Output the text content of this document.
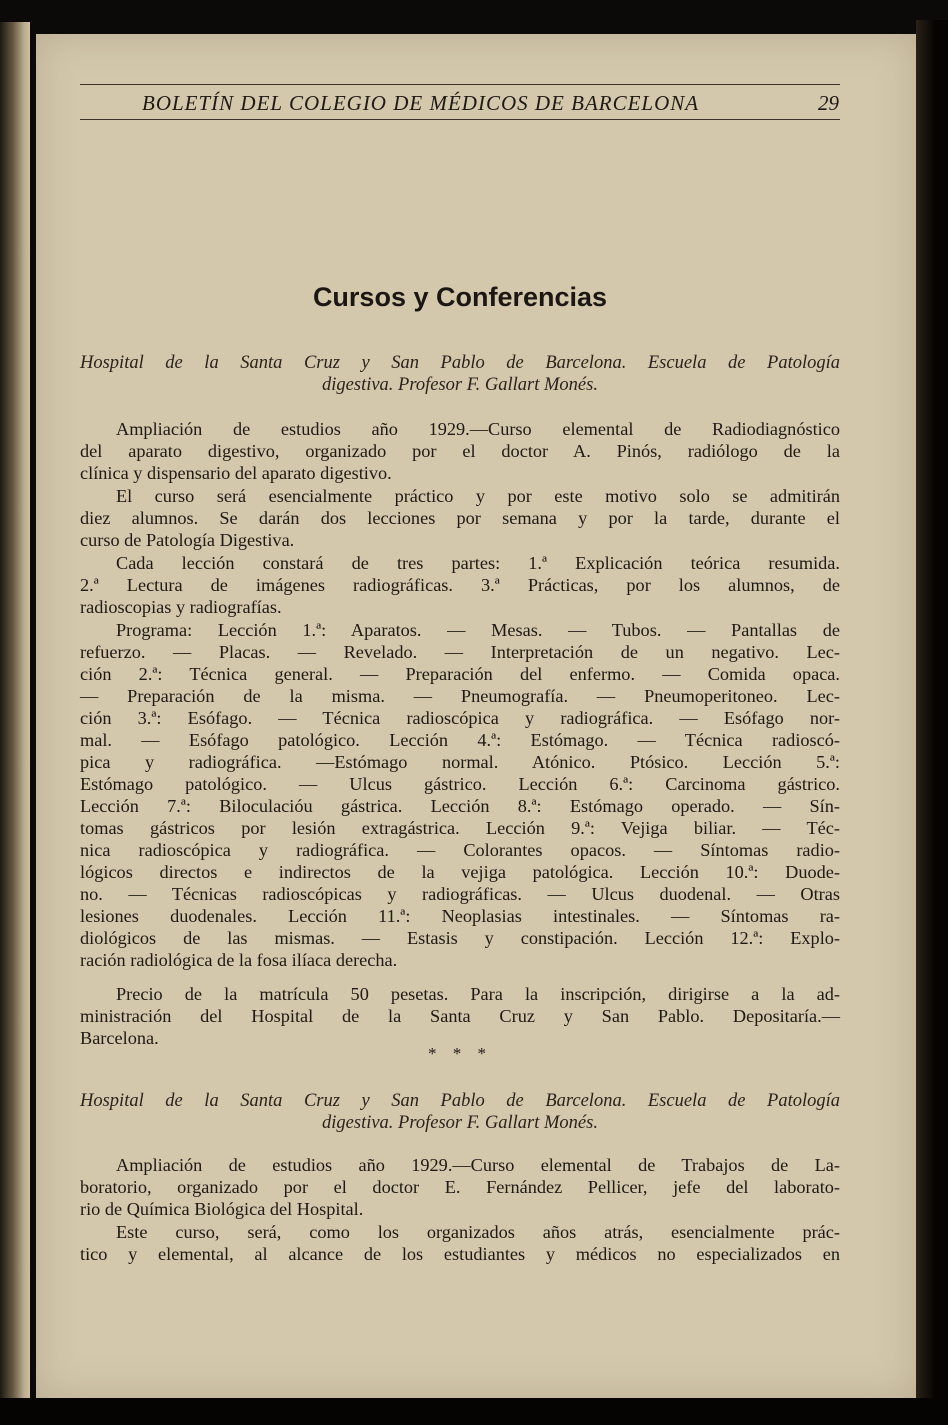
BOLETÍN DEL COLEGIO DE MÉDICOS DE BARCELONA	29
Cursos y Conferencias
Hospital de la Santa Cruz y San Pablo de Barcelona. Escuela de Patología
digestiva. Profesor F. Gallart Monés.
Ampliación de estudios año 1929.—Curso elemental de Radiodiagnóstico
del aparato digestivo, organizado por el doctor A. Pinós, radiólogo de la
clínica y dispensario del aparato digestivo.
El curso será esencialmente práctico y por este motivo solo se admitirán
diez alumnos. Se darán dos lecciones por semana y por la tarde, durante el
curso de Patología Digestiva.
Cada lección constará de tres partes: 1.ª Explicación teórica resumida.
2.ª Lectura de imágenes radiográficas. 3.ª Prácticas, por los alumnos, de
radioscopias y radiografías.
Programa: Lección 1.ª: Aparatos. — Mesas. — Tubos. — Pantallas de
refuerzo. — Placas. — Revelado. — Interpretación de un negativo. Lec-
ción 2.ª: Técnica general. — Preparación del enfermo. — Comida opaca.
— Preparación de la misma. — Pneumografía. — Pneumoperitoneo. Lec-
ción 3.ª: Esófago. — Técnica radioscópica y radiográfica. — Esófago nor-
mal. — Esófago patológico. Lección 4.ª: Estómago. — Técnica radioscó-
pica y radiográfica. —Estómago normal. Atónico. Ptósico. Lección 5.ª:
Estómago patológico. — Ulcus gástrico. Lección 6.ª: Carcinoma gástrico.
Lección 7.ª: Biloculacióu gástrica. Lección 8.ª: Estómago operado. — Sín-
tomas gástricos por lesión extragástrica. Lección 9.ª: Vejiga biliar. — Téc-
nica radioscópica y radiográfica. — Colorantes opacos. — Síntomas radio-
lógicos directos e indirectos de la vejiga patológica. Lección 10.ª: Duode-
no. — Técnicas radioscópicas y radiográficas. — Ulcus duodenal. — Otras
lesiones duodenales. Lección 11.ª: Neoplasias intestinales. — Síntomas ra-
diológicos de las mismas. — Estasis y constipación. Lección 12.ª: Explo-
ración radiológica de la fosa ilíaca derecha.
Precio de la matrícula 50 pesetas. Para la inscripción, dirigirse a la ad-
ministración del Hospital de la Santa Cruz y San Pablo. Depositaría.—
Barcelona.
* * *
Hospital de la Santa Cruz y San Pablo de Barcelona. Escuela de Patología
digestiva. Profesor F. Gallart Monés.
Ampliación de estudios año 1929.—Curso elemental de Trabajos de La-
boratorio, organizado por el doctor E. Fernández Pellicer, jefe del laborato-
rio de Química Biológica del Hospital.
Este curso, será, como los organizados años atrás, esencialmente prác-
tico y elemental, al alcance de los estudiantes y médicos no especializados en
